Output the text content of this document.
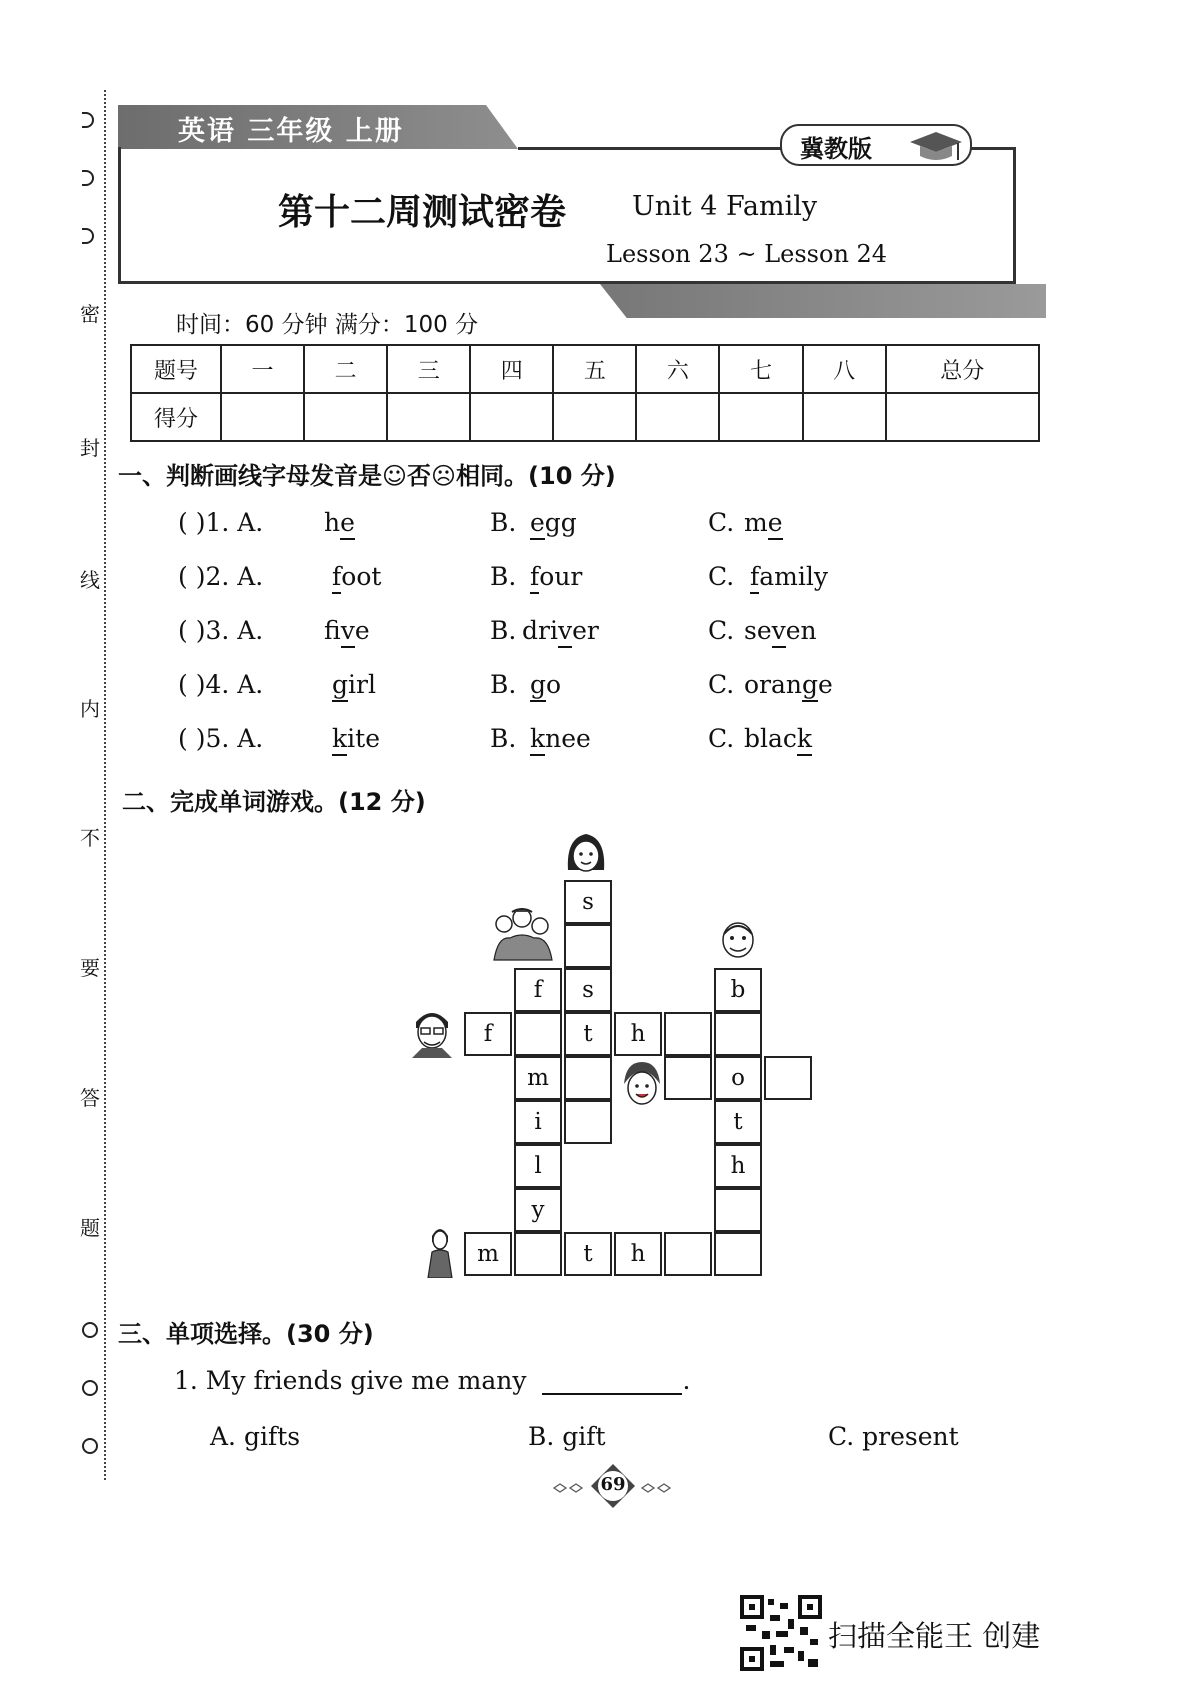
密
封
线
内
不
要
答
题
英语 三年级 上册
冀教版
第十二周测试密卷 Unit 4 Family
Lesson 23 ~ Lesson 24
时间：60 分钟 满分：100 分
题号	一	二	三	四	五	六	七	八	总分
得分									
一、判断画线字母发音是☺否☹相同。(10 分)
( )1. A. he	B. egg	C. me
( )2. A.	foot	B. four	C. family
( )3. A. five	B. driver	C. seven
( )4. A.	girl	B. go	C. orange
( )5. A.	kite	B. knee	C. black
二、完成单词游戏。(12 分)
s
s
t
f
m
i
l
y
f	h
b
o
t
h
m	t	h
三、单项选择。(30 分)
1. My friends give me many	.
A. gifts	B. gift	C. present
69
扫描全能王 创建
